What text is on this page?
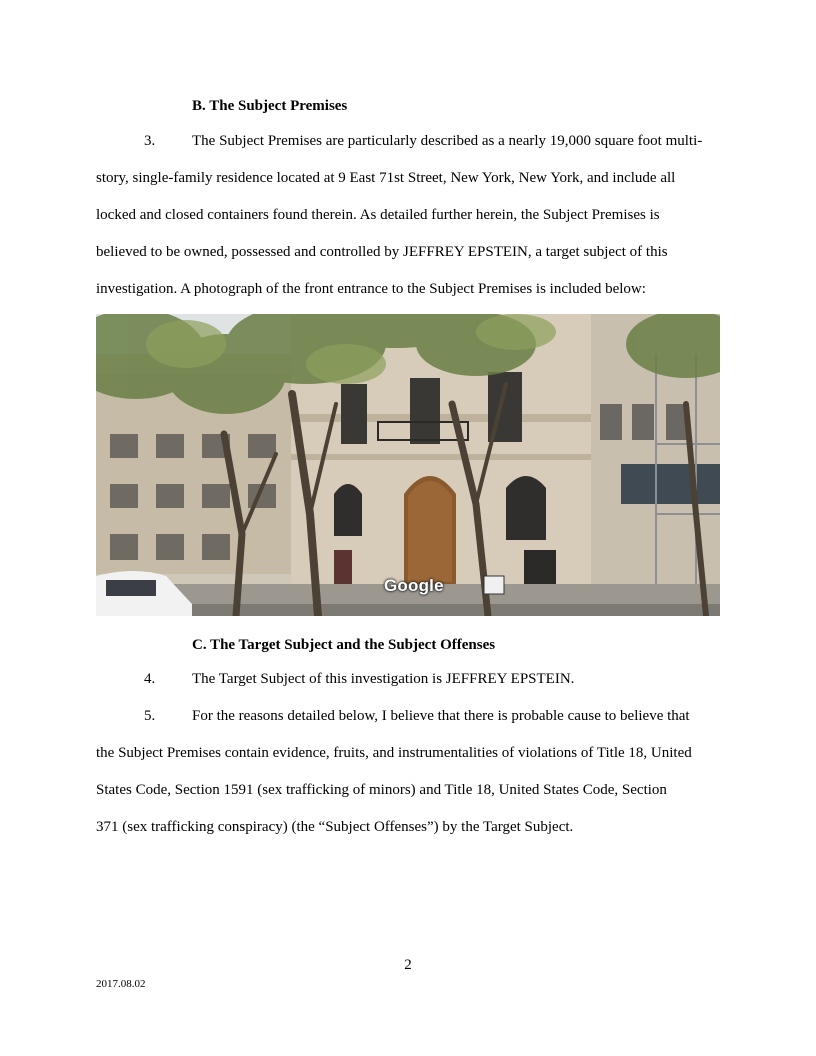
B. The Subject Premises
3. The Subject Premises are particularly described as a nearly 19,000 square foot multi-
story, single-family residence located at 9 East 71st Street, New York, New York, and include all
locked and closed containers found therein. As detailed further herein, the Subject Premises is
believed to be owned, possessed and controlled by JEFFREY EPSTEIN, a target subject of this
investigation. A photograph of the front entrance to the Subject Premises is included below:
Google
C. The Target Subject and the Subject Offenses
4. The Target Subject of this investigation is JEFFREY EPSTEIN.
5. For the reasons detailed below, I believe that there is probable cause to believe that
the Subject Premises contain evidence, fruits, and instrumentalities of violations of Title 18, United
States Code, Section 1591 (sex trafficking of minors) and Title 18, United States Code, Section
371 (sex trafficking conspiracy) (the “Subject Offenses”) by the Target Subject.
2
2017.08.02
